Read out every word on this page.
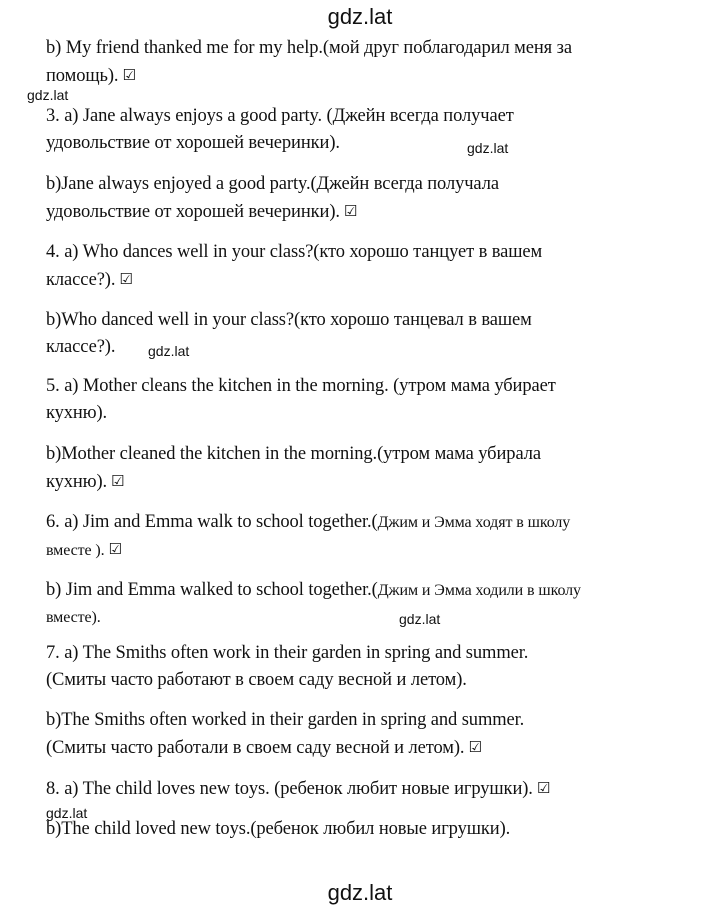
gdz.lat
b) My friend thanked me for my help.(мой друг поблагодарил меня за
помощь). ☑
gdz.lat
3. a) Jane always enjoys a good party. (Джейн всегда получает
удовольствие от хорошей вечеринки).	gdz.lat
b)Jane always enjoyed a good party.(Джейн всегда получала
удовольствие от хорошей вечеринки). ☑
4. a) Who dances well in your class?(кто хорошо танцует в вашем
классе?). ☑
b)Who danced well in your class?(кто хорошо танцевал в вашем
классе?).	gdz.lat
5. a) Mother cleans the kitchen in the morning. (утром мама убирает
кухню).
b)Mother cleaned the kitchen in the morning.(утром мама убирала
кухню). ☑
6. a) Jim and Emma walk to school together.(Джим и Эмма ходят в школу
вместе ). ☑
b) Jim and Emma walked to school together.(Джим и Эмма ходили в школу
вместе).	gdz.lat
7. a) The Smiths often work in their garden in spring and summer.
(Смиты часто работают в своем саду весной и летом).
b)The Smiths often worked in their garden in spring and summer.
(Смиты часто работали в своем саду весной и летом). ☑
8. a) The child loves new toys. (ребенок любит новые игрушки). ☑
gdz.lat
b)The child loved new toys.(ребенок любил новые игрушки).
gdz.lat
